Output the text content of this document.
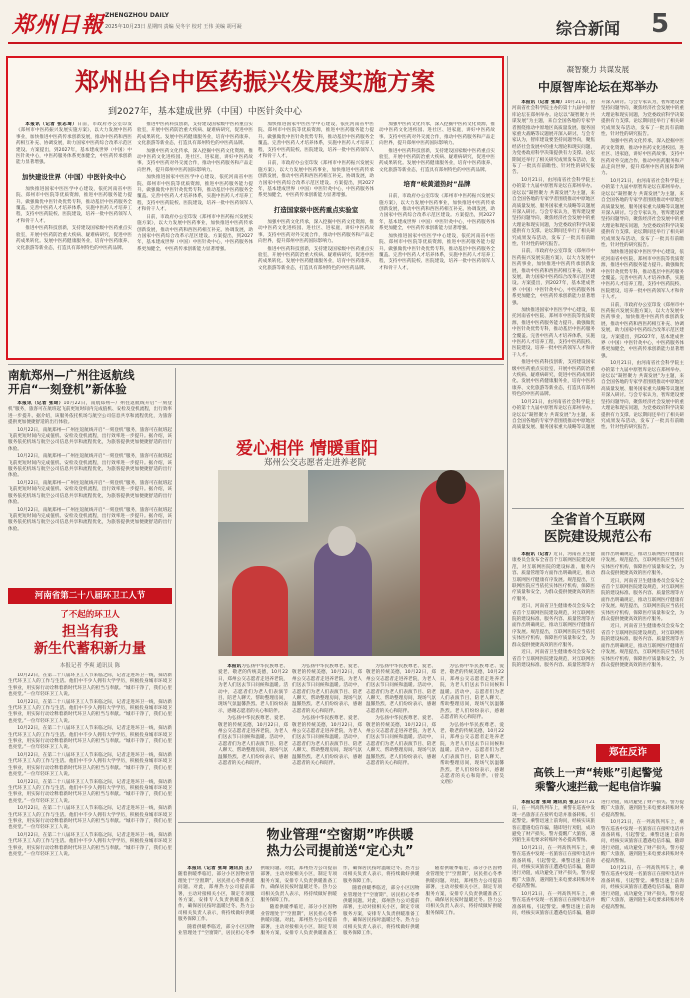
郑州日報 ZHENGZHOU DAILY
2025年10月23日 星期四 责编 吴冬宇 校对 王伟 美编 胡可凝	综合新闻	5
郑州出台中医药振兴发展实施方案
到2027年，基本建成世界（中国）中医针灸中心

本报讯（记者 张志琦）日前，市政府办公室印发《郑州市中医药振兴发展实施方案》，以大力发展中医药事业，加快推进中医药传承创新发展，推动中医药和西医药相互补充、协调发展，助力国家中医药综合改革示范区建设。方案提出，到2027年，基本建成世界（中国）中医针灸中心，中医药服务体系更加健全，中医药传承创新能力显著增强。

加快建设世界（中国）中医针灸中心

加快推进国家中医医学中心建设，依托河南省中医院、郑州市中医院等优质资源，推进中医药服务能力提升。做强做优中医针灸优势专科，推动基层中医药服务全覆盖。完善中医药人才培养体系，实施中医药人才培养工程，支持中医药院校、医院建设，培养一批中医药领军人才和骨干人才。

推进中医药科技创新，支持建设国家级中医药重点实验室，开展中医药防治重大疾病、疑难病研究，促进中医药成果转化。发展中医药健康服务业，培育中医药康养、文化旅游等新业态，打造具有郑州特色的中医药品牌。

推进中医药科技创新，支持建设国家级中医药重点实验室，开展中医药防治重大疾病、疑难病研究，促进中医药成果转化。发展中医药健康服务业，培育中医药康养、文化旅游等新业态，打造具有郑州特色的中医药品牌。

加强中医药文化传承，深入挖掘中医药文化资源，推动中医药文化进校园、进社区、进家庭，讲好中医药故事。支持中医药对外交流合作，推动中医药服务和产品走向世界，提升郑州中医药国际影响力。

加快推进国家中医医学中心建设，依托河南省中医院、郑州市中医院等优质资源，推进中医药服务能力提升。做强做优中医针灸优势专科，推动基层中医药服务全覆盖。完善中医药人才培养体系，实施中医药人才培养工程，支持中医药院校、医院建设，培养一批中医药领军人才和骨干人才。

日前，市政府办公室印发《郑州市中医药振兴发展实施方案》，以大力发展中医药事业，加快推进中医药传承创新发展，推动中医药和西医药相互补充、协调发展，助力国家中医药综合改革示范区建设。方案提出，到2027年，基本建成世界（中国）中医针灸中心，中医药服务体系更加健全，中医药传承创新能力显著增强。

加快推进国家中医医学中心建设，依托河南省中医院、郑州市中医院等优质资源，推进中医药服务能力提升。做强做优中医针灸优势专科，推动基层中医药服务全覆盖。完善中医药人才培养体系，实施中医药人才培养工程，支持中医药院校、医院建设，培养一批中医药领军人才和骨干人才。

日前，市政府办公室印发《郑州市中医药振兴发展实施方案》，以大力发展中医药事业，加快推进中医药传承创新发展，推动中医药和西医药相互补充、协调发展，助力国家中医药综合改革示范区建设。方案提出，到2027年，基本建成世界（中国）中医针灸中心，中医药服务体系更加健全，中医药传承创新能力显著增强。

打造国家级中医药重点实验室

加强中医药文化传承，深入挖掘中医药文化资源，推动中医药文化进校园、进社区、进家庭，讲好中医药故事。支持中医药对外交流合作，推动中医药服务和产品走向世界，提升郑州中医药国际影响力。

推进中医药科技创新，支持建设国家级中医药重点实验室，开展中医药防治重大疾病、疑难病研究，促进中医药成果转化。发展中医药健康服务业，培育中医药康养、文化旅游等新业态，打造具有郑州特色的中医药品牌。

加强中医药文化传承，深入挖掘中医药文化资源，推动中医药文化进校园、进社区、进家庭，讲好中医药故事。支持中医药对外交流合作，推动中医药服务和产品走向世界，提升郑州中医药国际影响力。

推进中医药科技创新，支持建设国家级中医药重点实验室，开展中医药防治重大疾病、疑难病研究，促进中医药成果转化。发展中医药健康服务业，培育中医药康养、文化旅游等新业态，打造具有郑州特色的中医药品牌。

培育“岐黄道热时”品牌

日前，市政府办公室印发《郑州市中医药振兴发展实施方案》，以大力发展中医药事业，加快推进中医药传承创新发展，推动中医药和西医药相互补充、协调发展，助力国家中医药综合改革示范区建设。方案提出，到2027年，基本建成世界（中国）中医针灸中心，中医药服务体系更加健全，中医药传承创新能力显著增强。

加快推进国家中医医学中心建设，依托河南省中医院、郑州市中医院等优质资源，推进中医药服务能力提升。做强做优中医针灸优势专科，推动基层中医药服务全覆盖。完善中医药人才培养体系，实施中医药人才培养工程，支持中医药院校、医院建设，培养一批中医药领军人才和骨干人才。

凝智聚力 共谋发展
中原智库论坛在郑举办

本报讯（记者 张琦）10月21日，由河南省社会科学院主办的第十九届中原智库论坛在郑州举办。论坛以“凝智聚力 共谋发展”为主题，来自全国各地的专家学者围绕推动中原地区高质量发展、服务国家重大战略等议题展开深入研讨。与会专家认为，智库建设要坚持问题导向，聚焦经济社会发展中的重大理论和现实问题，为党委政府科学决策提供有力支撑。论坛期间还举行了相关研究成果发布活动，发布了一批具有前瞻性、针对性的研究报告。

10月21日，由河南省社会科学院主办的第十九届中原智库论坛在郑州举办。论坛以“凝智聚力 共谋发展”为主题，来自全国各地的专家学者围绕推动中原地区高质量发展、服务国家重大战略等议题展开深入研讨。与会专家认为，智库建设要坚持问题导向，聚焦经济社会发展中的重大理论和现实问题，为党委政府科学决策提供有力支撑。论坛期间还举行了相关研究成果发布活动，发布了一批具有前瞻性、针对性的研究报告。

日前，市政府办公室印发《郑州市中医药振兴发展实施方案》，以大力发展中医药事业，加快推进中医药传承创新发展，推动中医药和西医药相互补充、协调发展，助力国家中医药综合改革示范区建设。方案提出，到2027年，基本建成世界（中国）中医针灸中心，中医药服务体系更加健全，中医药传承创新能力显著增强。

加快推进国家中医医学中心建设，依托河南省中医院、郑州市中医院等优质资源，推进中医药服务能力提升。做强做优中医针灸优势专科，推动基层中医药服务全覆盖。完善中医药人才培养体系，实施中医药人才培养工程，支持中医药院校、医院建设，培养一批中医药领军人才和骨干人才。

推进中医药科技创新，支持建设国家级中医药重点实验室，开展中医药防治重大疾病、疑难病研究，促进中医药成果转化。发展中医药健康服务业，培育中医药康养、文化旅游等新业态，打造具有郑州特色的中医药品牌。

10月21日，由河南省社会科学院主办的第十九届中原智库论坛在郑州举办。论坛以“凝智聚力 共谋发展”为主题，来自全国各地的专家学者围绕推动中原地区高质量发展、服务国家重大战略等议题展开深入研讨。与会专家认为，智库建设要坚持问题导向，聚焦经济社会发展中的重大理论和现实问题，为党委政府科学决策提供有力支撑。论坛期间还举行了相关研究成果发布活动，发布了一批具有前瞻性、针对性的研究报告。

加强中医药文化传承，深入挖掘中医药文化资源，推动中医药文化进校园、进社区、进家庭，讲好中医药故事。支持中医药对外交流合作，推动中医药服务和产品走向世界，提升郑州中医药国际影响力。

10月21日，由河南省社会科学院主办的第十九届中原智库论坛在郑州举办。论坛以“凝智聚力 共谋发展”为主题，来自全国各地的专家学者围绕推动中原地区高质量发展、服务国家重大战略等议题展开深入研讨。与会专家认为，智库建设要坚持问题导向，聚焦经济社会发展中的重大理论和现实问题，为党委政府科学决策提供有力支撑。论坛期间还举行了相关研究成果发布活动，发布了一批具有前瞻性、针对性的研究报告。

加快推进国家中医医学中心建设，依托河南省中医院、郑州市中医院等优质资源，推进中医药服务能力提升。做强做优中医针灸优势专科，推动基层中医药服务全覆盖。完善中医药人才培养体系，实施中医药人才培养工程，支持中医药院校、医院建设，培养一批中医药领军人才和骨干人才。

日前，市政府办公室印发《郑州市中医药振兴发展实施方案》，以大力发展中医药事业，加快推进中医药传承创新发展，推动中医药和西医药相互补充、协调发展，助力国家中医药综合改革示范区建设。方案提出，到2027年，基本建成世界（中国）中医针灸中心，中医药服务体系更加健全，中医药传承创新能力显著增强。

10月21日，由河南省社会科学院主办的第十九届中原智库论坛在郑州举办。论坛以“凝智聚力 共谋发展”为主题，来自全国各地的专家学者围绕推动中原地区高质量发展、服务国家重大战略等议题展开深入研讨。与会专家认为，智库建设要坚持问题导向，聚焦经济社会发展中的重大理论和现实问题，为党委政府科学决策提供有力支撑。论坛期间还举行了相关研究成果发布活动，发布了一批具有前瞻性、针对性的研究报告。

南航郑州—广州往返航线
开启“一刻登机”新体验

本报讯（记者 张琦）10月22日，南航郑州—广州往返航线开启“一刻登机”服务，旅客可在航班起飞前更短时间内完成值机、安检及登机流程，出行效率进一步提升。据介绍，该服务依托机场与航空公司信息共享和流程优化，为旅客提供更加便捷舒适的出行体验。

10月22日，南航郑州—广州往返航线开启“一刻登机”服务，旅客可在航班起飞前更短时间内完成值机、安检及登机流程，出行效率进一步提升。据介绍，该服务依托机场与航空公司信息共享和流程优化，为旅客提供更加便捷舒适的出行体验。

10月22日，南航郑州—广州往返航线开启“一刻登机”服务，旅客可在航班起飞前更短时间内完成值机、安检及登机流程，出行效率进一步提升。据介绍，该服务依托机场与航空公司信息共享和流程优化，为旅客提供更加便捷舒适的出行体验。

10月22日，南航郑州—广州往返航线开启“一刻登机”服务，旅客可在航班起飞前更短时间内完成值机、安检及登机流程，出行效率进一步提升。据介绍，该服务依托机场与航空公司信息共享和流程优化，为旅客提供更加便捷舒适的出行体验。

10月22日，南航郑州—广州往返航线开启“一刻登机”服务，旅客可在航班起飞前更短时间内完成值机、安检及登机流程，出行效率进一步提升。据介绍，该服务依托机场与航空公司信息共享和流程优化，为旅客提供更加便捷舒适的出行体验。

爱心相伴 情暖重阳
郑州公交志愿者走进养老院

本报讯为弘扬中华民族尊老、爱老、敬老的传统美德，10月22日，郑州公交志愿者走进养老院，为老人们送去节日问候和温暖。活动中，志愿者们为老人们表演节目、陪老人聊天、帮助整理房间，现场气氛温馨热烈。老人们纷纷表示，感谢志愿者的关心和陪伴。

为弘扬中华民族尊老、爱老、敬老的传统美德，10月22日，郑州公交志愿者走进养老院，为老人们送去节日问候和温暖。活动中，志愿者们为老人们表演节目、陪老人聊天、帮助整理房间，现场气氛温馨热烈。老人们纷纷表示，感谢志愿者的关心和陪伴。

为弘扬中华民族尊老、爱老、敬老的传统美德，10月22日，郑州公交志愿者走进养老院，为老人们送去节日问候和温暖。活动中，志愿者们为老人们表演节目、陪老人聊天、帮助整理房间，现场气氛温馨热烈。老人们纷纷表示，感谢志愿者的关心和陪伴。

为弘扬中华民族尊老、爱老、敬老的传统美德，10月22日，郑州公交志愿者走进养老院，为老人们送去节日问候和温暖。活动中，志愿者们为老人们表演节目、陪老人聊天、帮助整理房间，现场气氛温馨热烈。老人们纷纷表示，感谢志愿者的关心和陪伴。

为弘扬中华民族尊老、爱老、敬老的传统美德，10月22日，郑州公交志愿者走进养老院，为老人们送去节日问候和温暖。活动中，志愿者们为老人们表演节目、陪老人聊天、帮助整理房间，现场气氛温馨热烈。老人们纷纷表示，感谢志愿者的关心和陪伴。

为弘扬中华民族尊老、爱老、敬老的传统美德，10月22日，郑州公交志愿者走进养老院，为老人们送去节日问候和温暖。活动中，志愿者们为老人们表演节目、陪老人聊天、帮助整理房间，现场气氛温馨热烈。老人们纷纷表示，感谢志愿者的关心和陪伴。

为弘扬中华民族尊老、爱老、敬老的传统美德，10月22日，郑州公交志愿者走进养老院，为老人们送去节日问候和温暖。活动中，志愿者们为老人们表演节目、陪老人聊天、帮助整理房间，现场气氛温馨热烈。老人们纷纷表示，感谢志愿者的关心和陪伴。

为弘扬中华民族尊老、爱老、敬老的传统美德，10月22日，郑州公交志愿者走进养老院，为老人们送去节日问候和温暖。活动中，志愿者们为老人们表演节目、陪老人聊天、帮助整理房间，现场气氛温馨热烈。老人们纷纷表示，感谢志愿者的关心和陪伴。（曾昊 文/图）

河南省第二十八届环卫工人节
了不起的环卫人
担当有我
新生代蓄积新力量
本报记者 李爽 通讯员 陈

10月22日，在第二十八届环卫工人节来临之际，记者走进环卫一线，探访新生代环卫工人的工作与生活。他们中不少人拥有大学学历，积极投身城市环境卫生事业，用实际行动诠释着新时代环卫人的担当与奉献。“城市干净了，我们心里也亮堂。”一位年轻环卫工人说。

10月22日，在第二十八届环卫工人节来临之际，记者走进环卫一线，探访新生代环卫工人的工作与生活。他们中不少人拥有大学学历，积极投身城市环境卫生事业，用实际行动诠释着新时代环卫人的担当与奉献。“城市干净了，我们心里也亮堂。”一位年轻环卫工人说。

10月22日，在第二十八届环卫工人节来临之际，记者走进环卫一线，探访新生代环卫工人的工作与生活。他们中不少人拥有大学学历，积极投身城市环境卫生事业，用实际行动诠释着新时代环卫人的担当与奉献。“城市干净了，我们心里也亮堂。”一位年轻环卫工人说。

10月22日，在第二十八届环卫工人节来临之际，记者走进环卫一线，探访新生代环卫工人的工作与生活。他们中不少人拥有大学学历，积极投身城市环境卫生事业，用实际行动诠释着新时代环卫人的担当与奉献。“城市干净了，我们心里也亮堂。”一位年轻环卫工人说。

10月22日，在第二十八届环卫工人节来临之际，记者走进环卫一线，探访新生代环卫工人的工作与生活。他们中不少人拥有大学学历，积极投身城市环境卫生事业，用实际行动诠释着新时代环卫人的担当与奉献。“城市干净了，我们心里也亮堂。”一位年轻环卫工人说。

10月22日，在第二十八届环卫工人节来临之际，记者走进环卫一线，探访新生代环卫工人的工作与生活。他们中不少人拥有大学学历，积极投身城市环境卫生事业，用实际行动诠释着新时代环卫人的担当与奉献。“城市干净了，我们心里也亮堂。”一位年轻环卫工人说。

10月22日，在第二十八届环卫工人节来临之际，记者走进环卫一线，探访新生代环卫工人的工作与生活。他们中不少人拥有大学学历，积极投身城市环境卫生事业，用实际行动诠释着新时代环卫人的担当与奉献。“城市干净了，我们心里也亮堂。”一位年轻环卫工人说。

物业管理“空窗期”咋供暖
热力公司提前送“定心丸”

本报讯（记者 张琦 通讯员 王）随着供暖季临近，部分小区因物业管理处于“空窗期”，居民担心冬季供暖问题。对此，郑州热力公司提前部署，主动对接相关小区，制定专项服务方案，安排专人负责供暖准备工作，确保居民按时温暖过冬。热力公司相关负责人表示，将持续做好供暖服务保障工作。

随着供暖季临近，部分小区因物业管理处于“空窗期”，居民担心冬季供暖问题。对此，郑州热力公司提前部署，主动对接相关小区，制定专项服务方案，安排专人负责供暖准备工作，确保居民按时温暖过冬。热力公司相关负责人表示，将持续做好供暖服务保障工作。

随着供暖季临近，部分小区因物业管理处于“空窗期”，居民担心冬季供暖问题。对此，郑州热力公司提前部署，主动对接相关小区，制定专项服务方案，安排专人负责供暖准备工作，确保居民按时温暖过冬。热力公司相关负责人表示，将持续做好供暖服务保障工作。

随着供暖季临近，部分小区因物业管理处于“空窗期”，居民担心冬季供暖问题。对此，郑州热力公司提前部署，主动对接相关小区，制定专项服务方案，安排专人负责供暖准备工作，确保居民按时温暖过冬。热力公司相关负责人表示，将持续做好供暖服务保障工作。

随着供暖季临近，部分小区因物业管理处于“空窗期”，居民担心冬季供暖问题。对此，郑州热力公司提前部署，主动对接相关小区，制定专项服务方案，安排专人负责供暖准备工作，确保居民按时温暖过冬。热力公司相关负责人表示，将持续做好供暖服务保障工作。

全省首个互联网
医院建设规范公布

本报讯（记者）近日，河南省卫生健康委员会发布全省首个互联网医院建设规范，对互联网医院的建设标准、服务内容、质量管理等方面作出明确规定，推动互联网医疗健康有序发展。规范提出，互联网医院应当依托实体医疗机构，保障医疗质量和安全，为群众提供便捷高效的医疗服务。

近日，河南省卫生健康委员会发布全省首个互联网医院建设规范，对互联网医院的建设标准、服务内容、质量管理等方面作出明确规定，推动互联网医疗健康有序发展。规范提出，互联网医院应当依托实体医疗机构，保障医疗质量和安全，为群众提供便捷高效的医疗服务。

近日，河南省卫生健康委员会发布全省首个互联网医院建设规范，对互联网医院的建设标准、服务内容、质量管理等方面作出明确规定，推动互联网医疗健康有序发展。规范提出，互联网医院应当依托实体医疗机构，保障医疗质量和安全，为群众提供便捷高效的医疗服务。

近日，河南省卫生健康委员会发布全省首个互联网医院建设规范，对互联网医院的建设标准、服务内容、质量管理等方面作出明确规定，推动互联网医疗健康有序发展。规范提出，互联网医院应当依托实体医疗机构，保障医疗质量和安全，为群众提供便捷高效的医疗服务。

近日，河南省卫生健康委员会发布全省首个互联网医院建设规范，对互联网医院的建设标准、服务内容、质量管理等方面作出明确规定，推动互联网医疗健康有序发展。规范提出，互联网医院应当依托实体医疗机构，保障医疗质量和安全，为群众提供便捷高效的医疗服务。

郑在反诈
高铁上一声“转账”引起警觉
乘警火速拦截一起电信诈骗

本报记者 张琦 通讯员 张卫10月21日，在一列高铁列车上，乘警在巡查中发现一名旅客正在接听电话并准备转账，引起警觉。乘警迅速上前询问，经核实该旅客正遭遇电信诈骗，随即进行劝阻，成功避免了财产损失。警方提醒广大旅客，遇到陌生来电要求转账时务必提高警惕。

10月21日，在一列高铁列车上，乘警在巡查中发现一名旅客正在接听电话并准备转账，引起警觉。乘警迅速上前询问，经核实该旅客正遭遇电信诈骗，随即进行劝阻，成功避免了财产损失。警方提醒广大旅客，遇到陌生来电要求转账时务必提高警惕。

10月21日，在一列高铁列车上，乘警在巡查中发现一名旅客正在接听电话并准备转账，引起警觉。乘警迅速上前询问，经核实该旅客正遭遇电信诈骗，随即进行劝阻，成功避免了财产损失。警方提醒广大旅客，遇到陌生来电要求转账时务必提高警惕。

10月21日，在一列高铁列车上，乘警在巡查中发现一名旅客正在接听电话并准备转账，引起警觉。乘警迅速上前询问，经核实该旅客正遭遇电信诈骗，随即进行劝阻，成功避免了财产损失。警方提醒广大旅客，遇到陌生来电要求转账时务必提高警惕。

10月21日，在一列高铁列车上，乘警在巡查中发现一名旅客正在接听电话并准备转账，引起警觉。乘警迅速上前询问，经核实该旅客正遭遇电信诈骗，随即进行劝阻，成功避免了财产损失。警方提醒广大旅客，遇到陌生来电要求转账时务必提高警惕。
